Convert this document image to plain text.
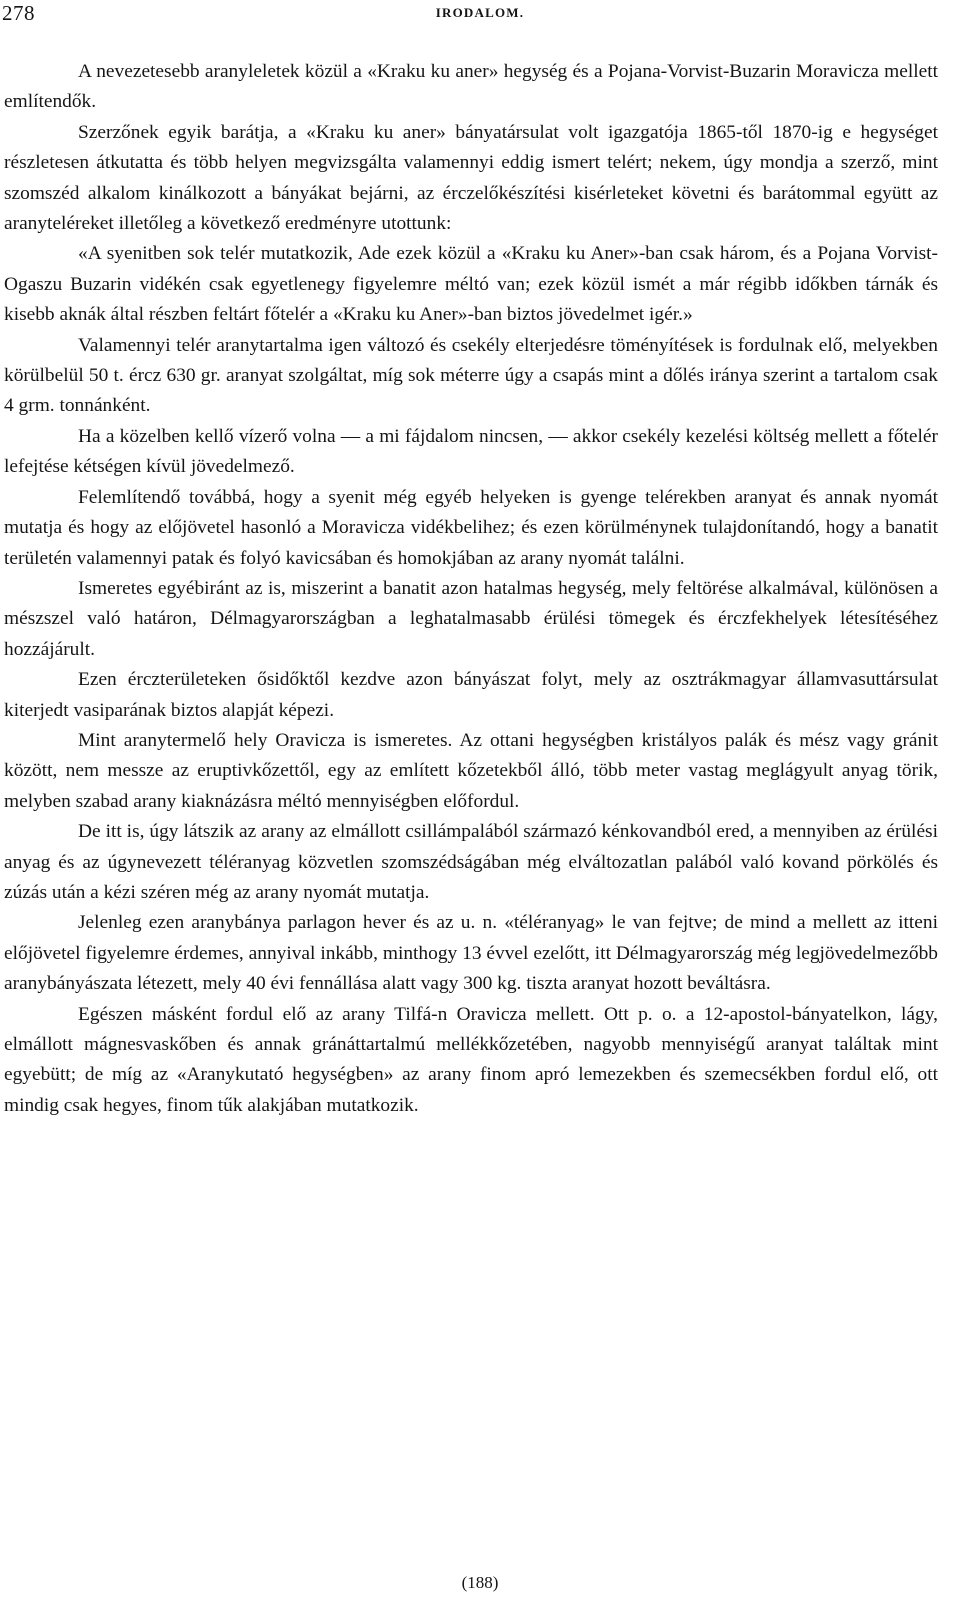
278	IRODALOM.

A nevezetesebb aranyleletek közül a «Kraku ku aner» hegység és a Pojana-Vorvist-Buzarin Moravicza mellett említendők.

Szerzőnek egyik barátja, a «Kraku ku aner» bányatársulat volt igazgatója 1865-től 1870-ig e hegységet részletesen átkutatta és több helyen megvizsgálta valamennyi eddig ismert telért; nekem, úgy mondja a szerző, mint szomszéd alkalom kinálkozott a bányákat bejárni, az érczelőkészítési kisérleteket követni és barátommal együtt az aranyteléreket illetőleg a következő eredményre utottunk:

«A syenitben sok telér mutatkozik, Ade ezek közül a «Kraku ku Aner»-ban csak három, és a Pojana Vorvist-Ogaszu Buzarin vidékén csak egyetlenegy figyelemre méltó van; ezek közül ismét a már régibb időkben tárnák és kisebb aknák által részben feltárt főtelér a «Kraku ku Aner»-ban biztos jövedelmet igér.»

Valamennyi telér aranytartalma igen változó és csekély elterjedésre töményítések is fordulnak elő, melyekben körülbelül 50 t. ércz 630 gr. aranyat szolgáltat, míg sok méterre úgy a csapás mint a dőlés iránya szerint a tartalom csak 4 grm. tonnánként.

Ha a közelben kellő vízerő volna — a mi fájdalom nincsen, — akkor csekély kezelési költség mellett a főtelér lefejtése kétségen kívül jövedelmező.

Felemlítendő továbbá, hogy a syenit még egyéb helyeken is gyenge telérekben aranyat és annak nyomát mutatja és hogy az előjövetel hasonló a Moravicza vidékbelihez; és ezen körülménynek tulajdonítandó, hogy a banatit területén valamennyi patak és folyó kavicsában és homokjában az arany nyomát találni.

Ismeretes egyébiránt az is, miszerint a banatit azon hatalmas hegység, mely feltörése alkalmával, különösen a mészszel való határon, Délmagyarországban a leghatalmasabb érülési tömegek és érczfekhelyek létesítéséhez hozzájárult.

Ezen érczterületeken ősidőktől kezdve azon bányászat folyt, mely az osztrákmagyar államvasuttársulat kiterjedt vasiparának biztos alapját képezi.

Mint aranytermelő hely Oravicza is ismeretes. Az ottani hegységben kristályos palák és mész vagy gránit között, nem messze az eruptivkőzettől, egy az említett kőzetekből álló, több meter vastag meglágyult anyag törik, melyben szabad arany kiaknázásra méltó mennyiségben előfordul.

De itt is, úgy látszik az arany az elmállott csillámpalából származó kénkovandból ered, a mennyiben az érülési anyag és az úgynevezett téléranyag közvetlen szomszédságában még elváltozatlan palából való kovand pörkölés és zúzás után a kézi széren még az arany nyomát mutatja.

Jelenleg ezen aranybánya parlagon hever és az u. n. «téléranyag» le van fejtve; de mind a mellett az itteni előjövetel figyelemre érdemes, annyival inkább, minthogy 13 évvel ezelőtt, itt Délmagyarország még legjövedelmezőbb aranybányászata létezett, mely 40 évi fennállása alatt vagy 300 kg. tiszta aranyat hozott beváltásra.

Egészen másként fordul elő az arany Tilfá-n Oravicza mellett. Ott p. o. a 12-apostol-bányatelkon, lágy, elmállott mágnesvaskőben és annak gránáttartalmú mellékkőzetében, nagyobb mennyiségű aranyat találtak mint egyebütt; de míg az «Aranykutató hegységben» az arany finom apró lemezekben és szemecsékben fordul elő, ott mindig csak hegyes, finom tűk alakjában mutatkozik.

(188)
